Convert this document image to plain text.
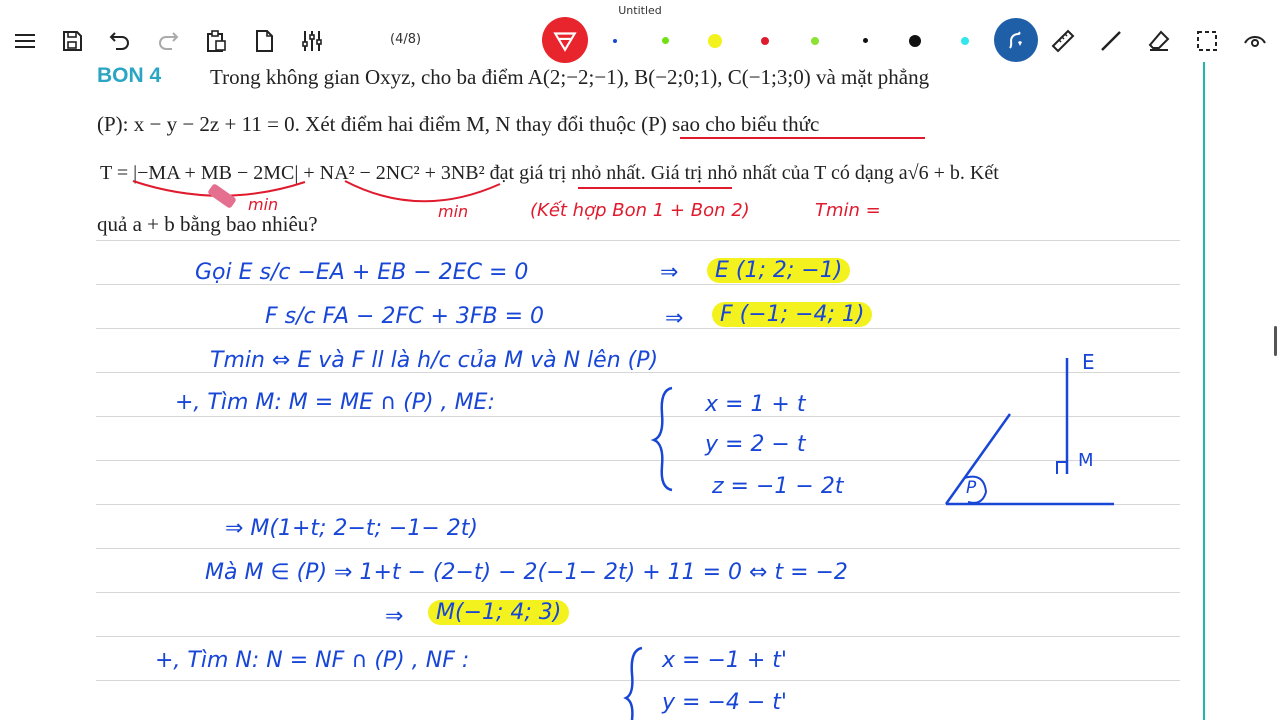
Untitled
(4/8)
BON 4 Trong không gian Oxyz, cho ba điểm A(2;−2;−1), B(−2;0;1), C(−1;3;0) và mặt phẳng
(P): x − y − 2z + 11 = 0. Xét điểm hai điểm M, N thay đổi thuộc (P) sao cho biểu thức
T = |−MA + MB − 2MC| + NA² − 2NC² + 3NB² đạt giá trị nhỏ nhất. Giá trị nhỏ nhất của T có dạng a√6 + b. Kết
quả a + b bằng bao nhiêu?
min	min	(Kết hợp Bon 1 + Bon 2)	Tmin =
Gọi E s/c −EA + EB − 2EC = 0	⇒	E (1; 2; −1)
F s/c FA − 2FC + 3FB = 0	⇒	F (−1; −4; 1)
Tmin ⇔ E và F ll là h/c của M và N lên (P)
+, Tìm M: M = ME ∩ (P) , ME:	x = 1 + t
y = 2 − t
z = −1 − 2t
⇒ M(1+t; 2−t; −1− 2t)
Mà M ∈ (P) ⇒ 1+t − (2−t) − 2(−1− 2t) + 11 = 0 ⇔ t = −2
⇒	M(−1; 4; 3)
+, Tìm N: N = NF ∩ (P) , NF :	x = −1 + t'
y = −4 − t'
E
M
P
